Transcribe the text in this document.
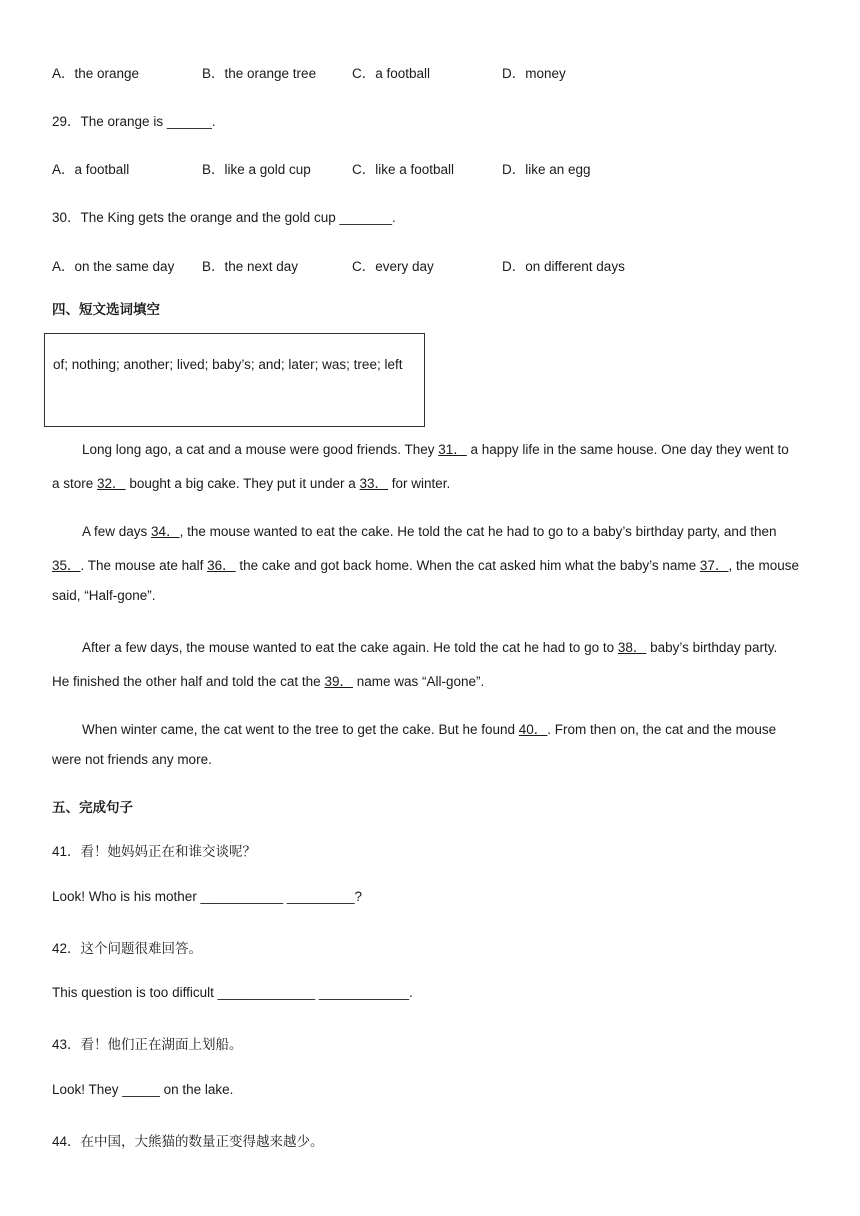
A．the orange	B．the orange tree	C．a football	D．money
29．The orange is ______.
A．a football	B．like a gold cup	C．like a football	D．like an egg
30．The King gets the orange and the gold cup _______.
A．on the same day B．the next day	C．every day	D．on different days
四、短文选词填空
of; nothing; another; lived; baby’s; and; later; was; tree; left
Long long ago, a cat and a mouse were good friends. They 31． a happy life in the same house. One day they went to
a store 32． bought a big cake. They put it under a 33． for winter.
A few days 34．, the mouse wanted to eat the cake. He told the cat he had to go to a baby’s birthday party, and then
35．. The mouse ate half 36． the cake and got back home. When the cat asked him what the baby’s name 37．, the mouse
said, “Half-gone”.
After a few days, the mouse wanted to eat the cake again. He told the cat he had to go to 38． baby’s birthday party.
He finished the other half and told the cat the 39． name was “All-gone”.
When winter came, the cat went to the tree to get the cake. But he found 40．. From then on, the cat and the mouse
were not friends any more.
五、完成句子
41．看！她妈妈正在和谁交谈呢？
Look! Who is his mother ___________ _________?
42．这个问题很难回答。
This question is too difficult _____________ ____________.
43．看！他们正在湖面上划船。
Look! They _____ on the lake.
44．在中国，大熊猫的数量正变得越来越少。
